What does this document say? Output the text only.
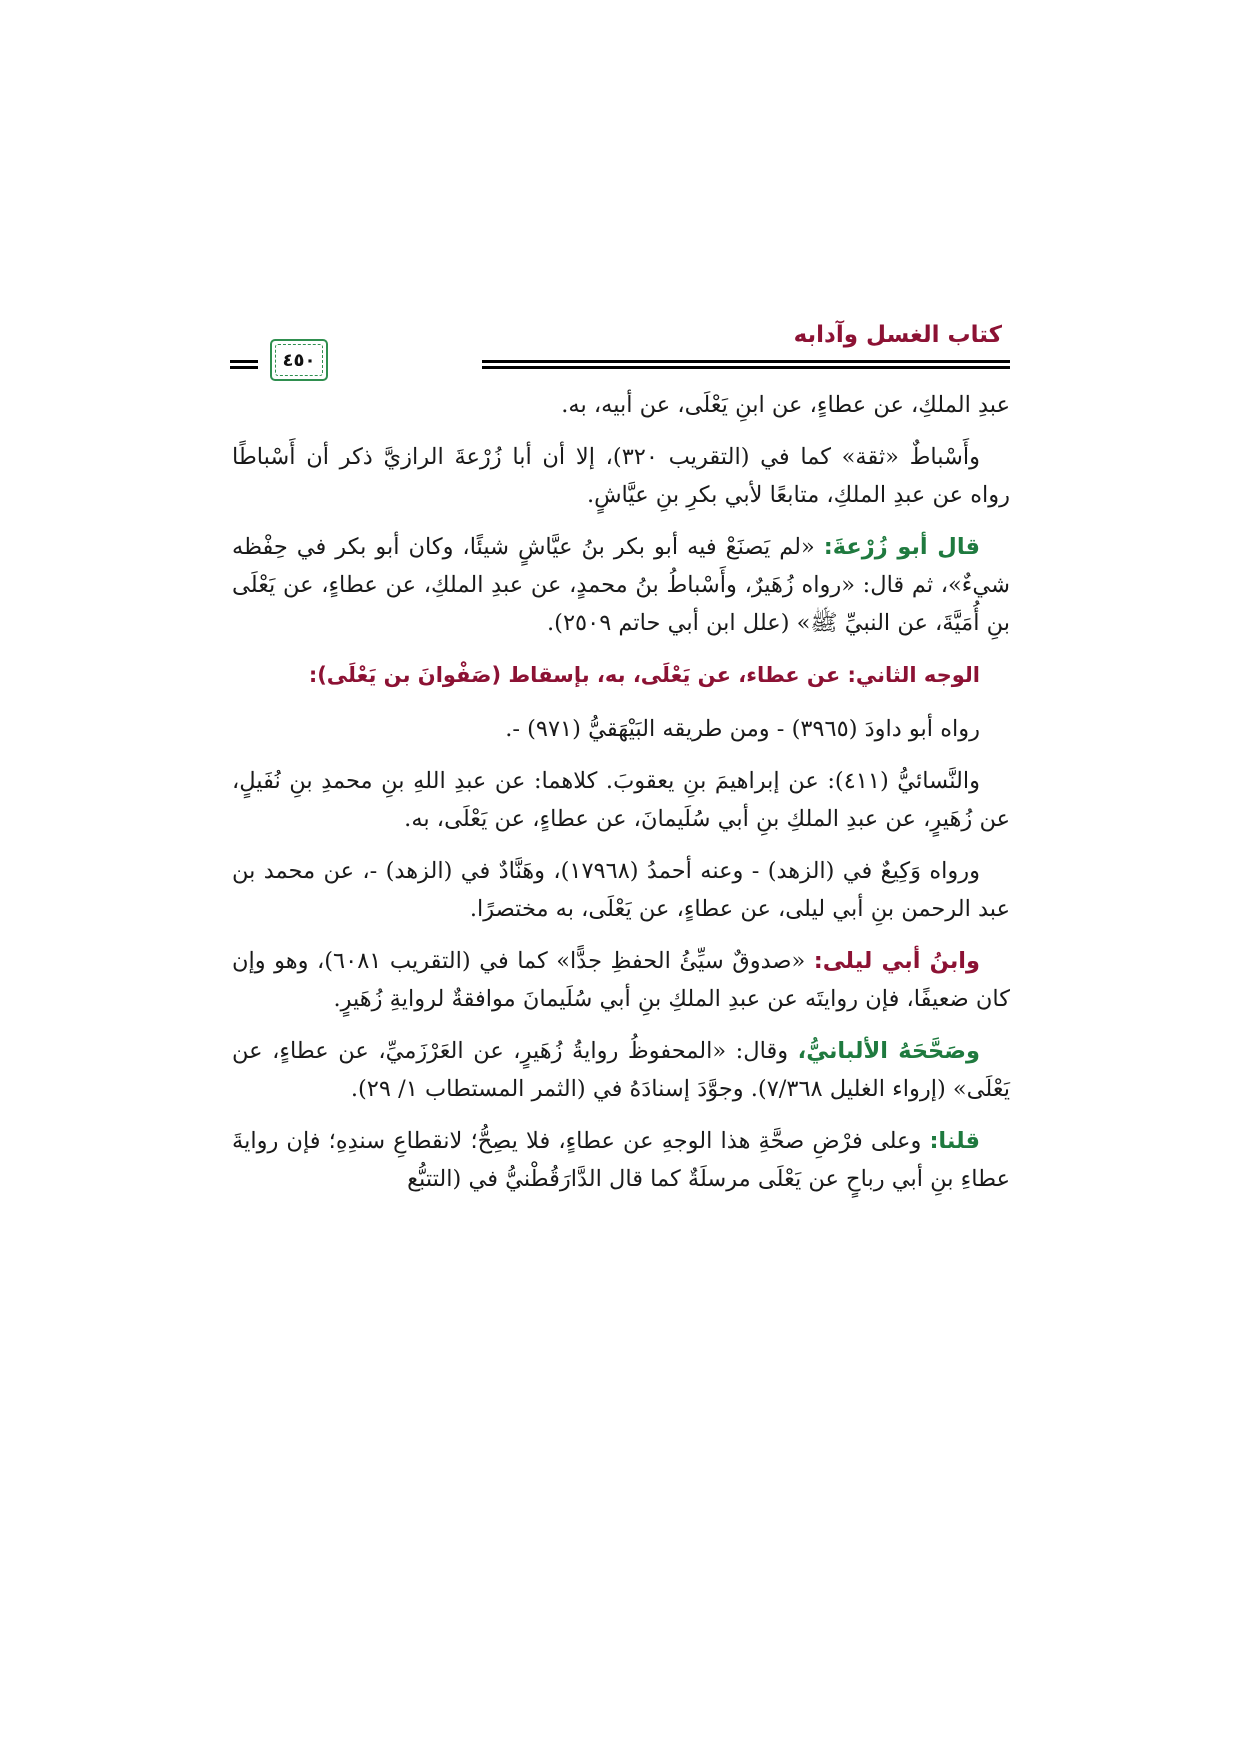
كتاب الغسل وآدابه
٤٥٠

عبدِ الملكِ، عن عطاءٍ، عن ابنِ يَعْلَى، عن أبيه، به.

وأَسْباطٌ «ثقة» كما في (التقريب ٣٢٠)، إلا أن أبا زُرْعةَ الرازيَّ ذكر أن أَسْباطًا رواه عن عبدِ الملكِ، متابعًا لأبي بكرِ بنِ عيَّاشٍ.

قال أبو زُرْعةَ: «لم يَصنَعْ فيه أبو بكر بنُ عيَّاشٍ شيئًا، وكان أبو بكر في حِفْظه شيءٌ»، ثم قال: «رواه زُهَيرٌ، وأَسْباطُ بنُ محمدٍ، عن عبدِ الملكِ، عن عطاءٍ، عن يَعْلَى بنِ أُمَيَّةَ، عن النبيِّ ﷺ» (علل ابن أبي حاتم ٢٥٠٩).

الوجه الثاني: عن عطاء، عن يَعْلَى، به، بإسقاط (صَفْوانَ بن يَعْلَى):

رواه أبو داودَ (٣٩٦٥) - ومن طريقه البَيْهَقيُّ (٩٧١) -.

والنَّسائيُّ (٤١١): عن إبراهيمَ بنِ يعقوبَ. كلاهما: عن عبدِ اللهِ بنِ محمدِ بنِ نُفَيلٍ، عن زُهَيرٍ، عن عبدِ الملكِ بنِ أبي سُلَيمانَ، عن عطاءٍ، عن يَعْلَى، به.

ورواه وَكِيعٌ في (الزهد) - وعنه أحمدُ (١٧٩٦٨)، وهَنَّادٌ في (الزهد) -، عن محمد بن عبد الرحمن بنِ أبي ليلى، عن عطاءٍ، عن يَعْلَى، به مختصرًا.

وابنُ أبي ليلى: «صدوقٌ سيِّئُ الحفظِ جدًّا» كما في (التقريب ٦٠٨١)، وهو وإن كان ضعيفًا، فإن روايتَه عن عبدِ الملكِ بنِ أبي سُلَيمانَ موافقةٌ لروايةِ زُهَيرٍ.

وصَحَّحَهُ الألبانيُّ، وقال: «المحفوظُ روايةُ زُهَيرٍ، عن العَرْزَميِّ، عن عطاءٍ، عن يَعْلَى» (إرواء الغليل ٧/٣٦٨). وجوَّدَ إسنادَهُ في (الثمر المستطاب ١/ ٢٩).

قلنا: وعلى فرْضِ صحَّةِ هذا الوجهِ عن عطاءٍ، فلا يصِحُّ؛ لانقطاعِ سندِهِ؛ فإن روايةَ عطاءِ بنِ أبي رباحٍ عن يَعْلَى مرسلَةٌ كما قال الدَّارَقُطْنيُّ في (التتبُّع
